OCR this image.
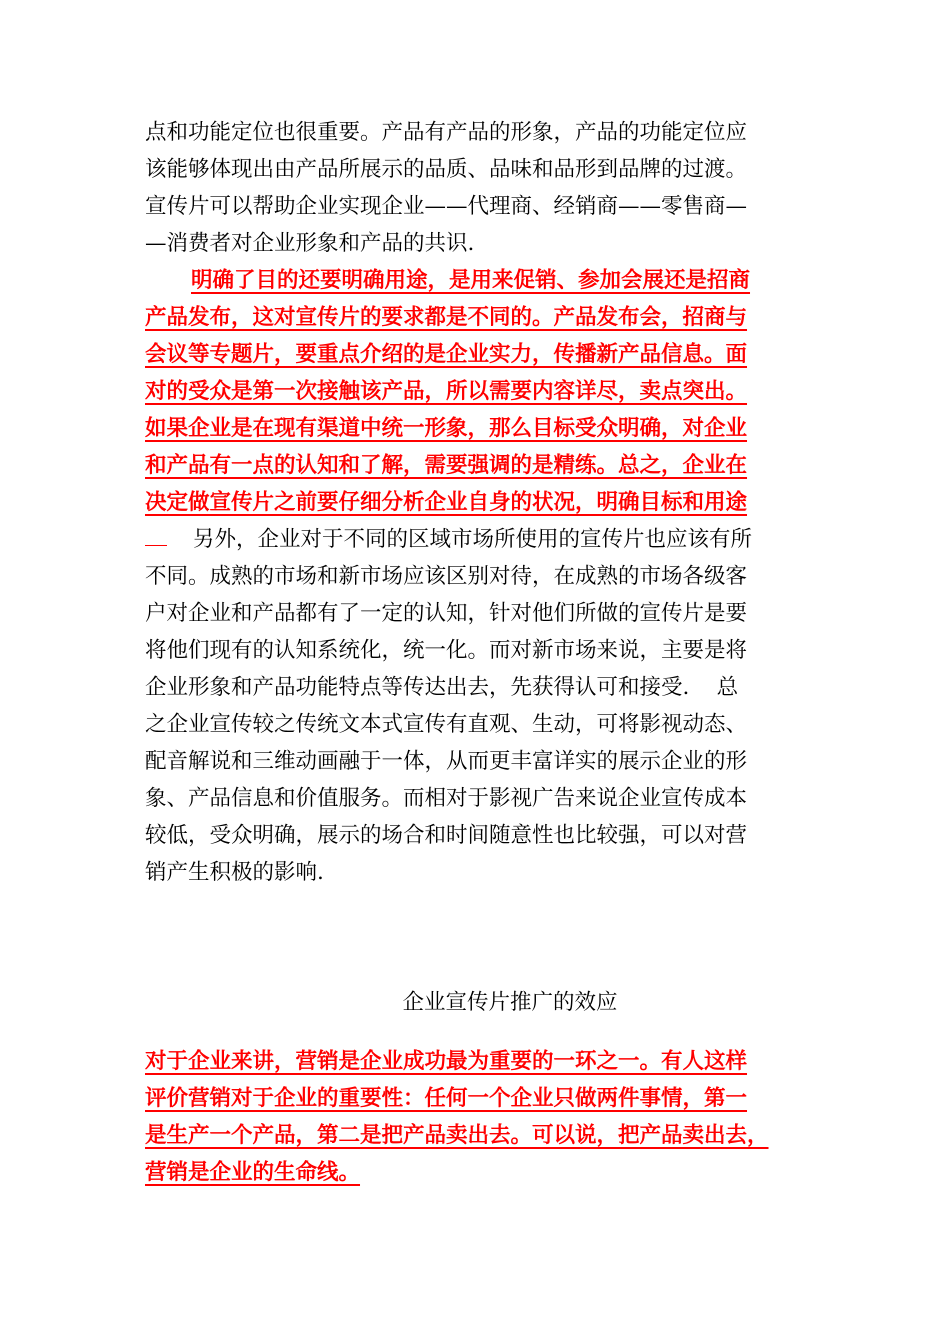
点和功能定位也很重要。产品有产品的形象，产品的功能定位应
该能够体现出由产品所展示的品质、品味和品形到品牌的过渡。
宣传片可以帮助企业实现企业——代理商、经销商——零售商—
—消费者对企业形象和产品的共识.
明确了目的还要明确用途，是用来促销、参加会展还是招商
产品发布，这对宣传片的要求都是不同的。产品发布会，招商与
会议等专题片，要重点介绍的是企业实力，传播新产品信息。面
对的受众是第一次接触该产品，所以需要内容详尽，卖点突出。
如果企业是在现有渠道中统一形象，那么目标受众明确，对企业
和产品有一点的认知和了解，需要强调的是精练。总之，企业在
决定做宣传片之前要仔细分析企业自身的状况，明确目标和用途
另外，企业对于不同的区域市场所使用的宣传片也应该有所
不同。成熟的市场和新市场应该区别对待，在成熟的市场各级客
户对企业和产品都有了一定的认知，针对他们所做的宣传片是要
将他们现有的认知系统化，统一化。而对新市场来说，主要是将
企业形象和产品功能特点等传达出去，先获得认可和接受.    总
之企业宣传较之传统文本式宣传有直观、生动，可将影视动态、
配音解说和三维动画融于一体，从而更丰富详实的展示企业的形
象、产品信息和价值服务。而相对于影视广告来说企业宣传成本
较低，受众明确，展示的场合和时间随意性也比较强，可以对营
销产生积极的影响.
企业宣传片推广的效应
对于企业来讲，营销是企业成功最为重要的一环之一。有人这样
评价营销对于企业的重要性：任何一个企业只做两件事情，第一
是生产一个产品，第二是把产品卖出去。可以说，把产品卖出去，
营销是企业的生命线。
